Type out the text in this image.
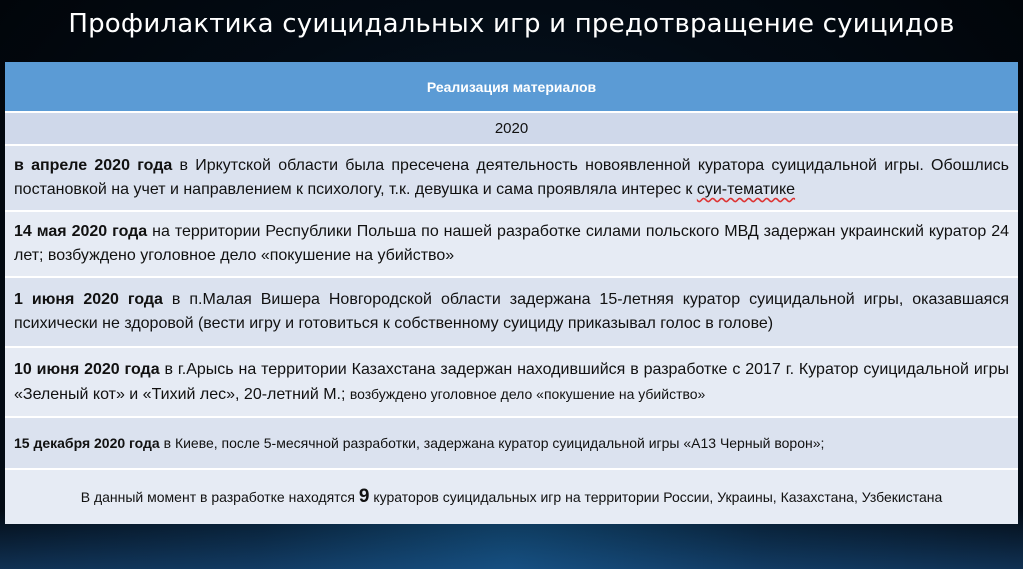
Профилактика суицидальных игр и предотвращение суицидов
Реализация материалов
2020
в апреле 2020 года в Иркутской области была пресечена деятельность новоявленной куратора суицидальной игры. Обошлись постановкой на учет и направлением к психологу, т.к. девушка и сама проявляла интерес к суи-тематике
14 мая 2020 года на территории Республики Польша по нашей разработке силами польского МВД задержан украинский куратор 24 лет; возбуждено уголовное дело «покушение на убийство»
1 июня 2020 года в п.Малая Вишера Новгородской области задержана 15-летняя куратор суицидальной игры, оказавшаяся психически не здоровой (вести игру и готовиться к собственному суициду приказывал голос в голове)
10 июня 2020 года в г.Арысь на территории Казахстана задержан находившийся в разработке с 2017 г. Куратор суицидальной игры «Зеленый кот» и «Тихий лес», 20-летний М.; возбуждено уголовное дело «покушение на убийство»
15 декабря 2020 года в Киеве, после 5-месячной разработки, задержана куратор суицидальной игры «А13 Черный ворон»;
В данный момент в разработке находятся 9 кураторов суицидальных игр на территории России, Украины, Казахстана, Узбекистана
